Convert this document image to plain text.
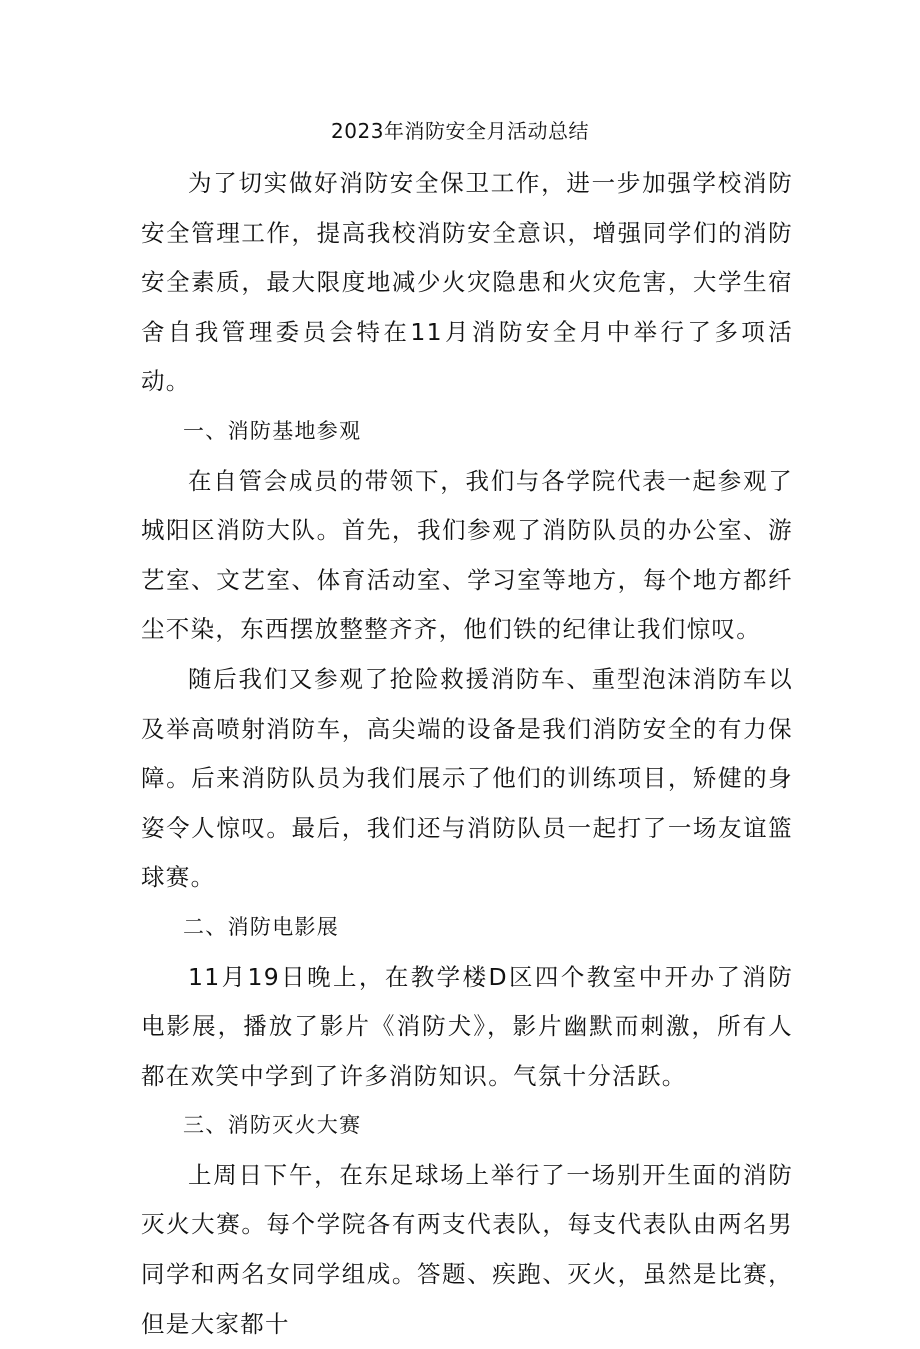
2023年消防安全月活动总结

为了切实做好消防安全保卫工作，进一步加强学校消防安全管理工作，提高我校消防安全意识，增强同学们的消防安全素质，最大限度地减少火灾隐患和火灾危害，大学生宿舍自我管理委员会特在11月消防安全月中举行了多项活动。

一、消防基地参观

在自管会成员的带领下，我们与各学院代表一起参观了城阳区消防大队。首先，我们参观了消防队员的办公室、游艺室、文艺室、体育活动室、学习室等地方，每个地方都纤尘不染，东西摆放整整齐齐，他们铁的纪律让我们惊叹。

随后我们又参观了抢险救援消防车、重型泡沫消防车以及举高喷射消防车，高尖端的设备是我们消防安全的有力保障。后来消防队员为我们展示了他们的训练项目，矫健的身姿令人惊叹。最后，我们还与消防队员一起打了一场友谊篮球赛。

二、消防电影展

11月19日晚上，在教学楼D区四个教室中开办了消防电影展，播放了影片《消防犬》，影片幽默而刺激，所有人都在欢笑中学到了许多消防知识。气氛十分活跃。

三、消防灭火大赛

上周日下午，在东足球场上举行了一场别开生面的消防灭火大赛。每个学院各有两支代表队，每支代表队由两名男同学和两名女同学组成。答题、疾跑、灭火，虽然是比赛，但是大家都十
